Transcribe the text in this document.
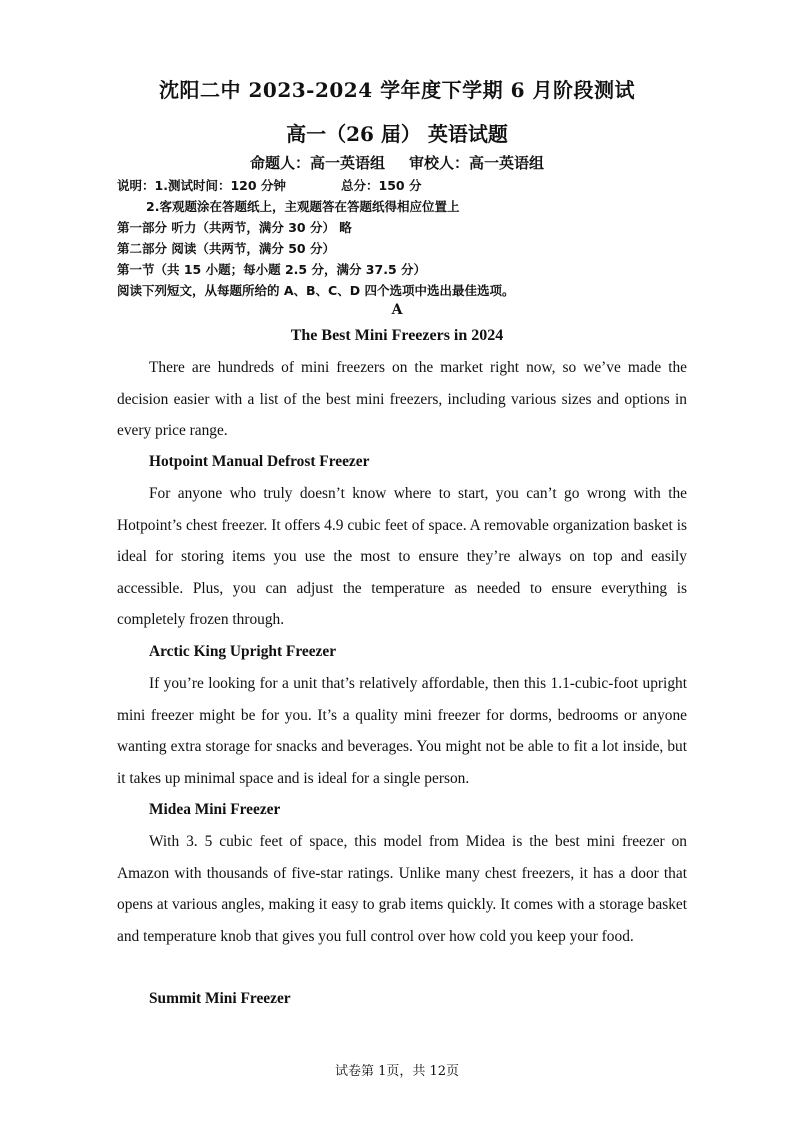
沈阳二中 2023-2024 学年度下学期 6 月阶段测试
高一（26 届） 英语试题
命题人：高一英语组 审校人：高一英语组
说明：1.测试时间：120 分钟	总分：150 分
2.客观题涂在答题纸上，主观题答在答题纸得相应位置上
第一部分 听力（共两节，满分 30 分） 略
第二部分 阅读（共两节，满分 50 分）
第一节（共 15 小题；每小题 2.5 分，满分 37.5 分）
阅读下列短文，从每题所给的 A、B、C、D 四个选项中选出最佳选项。
A
The Best Mini Freezers in 2024

There are hundreds of mini freezers on the market right now, so we’ve made the decision easier with a list of the best mini freezers, including various sizes and options in every price range.

Hotpoint Manual Defrost Freezer

For anyone who truly doesn’t know where to start, you can’t go wrong with the Hotpoint’s chest freezer. It offers 4.9 cubic feet of space. A removable organization basket is ideal for storing items you use the most to ensure they’re always on top and easily accessible. Plus, you can adjust the temperature as needed to ensure everything is completely frozen through.

Arctic King Upright Freezer

If you’re looking for a unit that’s relatively affordable, then this 1.1-cubic-foot upright mini freezer might be for you. It’s a quality mini freezer for dorms, bedrooms or anyone wanting extra storage for snacks and beverages. You might not be able to fit a lot inside, but it takes up minimal space and is ideal for a single person.

Midea Mini Freezer

With 3. 5 cubic feet of space, this model from Midea is the best mini freezer on Amazon with thousands of five-star ratings. Unlike many chest freezers, it has a door that opens at various angles, making it easy to grab items quickly. It comes with a storage basket and temperature knob that gives you full control over how cold you keep your food.

Summit Mini Freezer
试卷第 1页，共 12页
